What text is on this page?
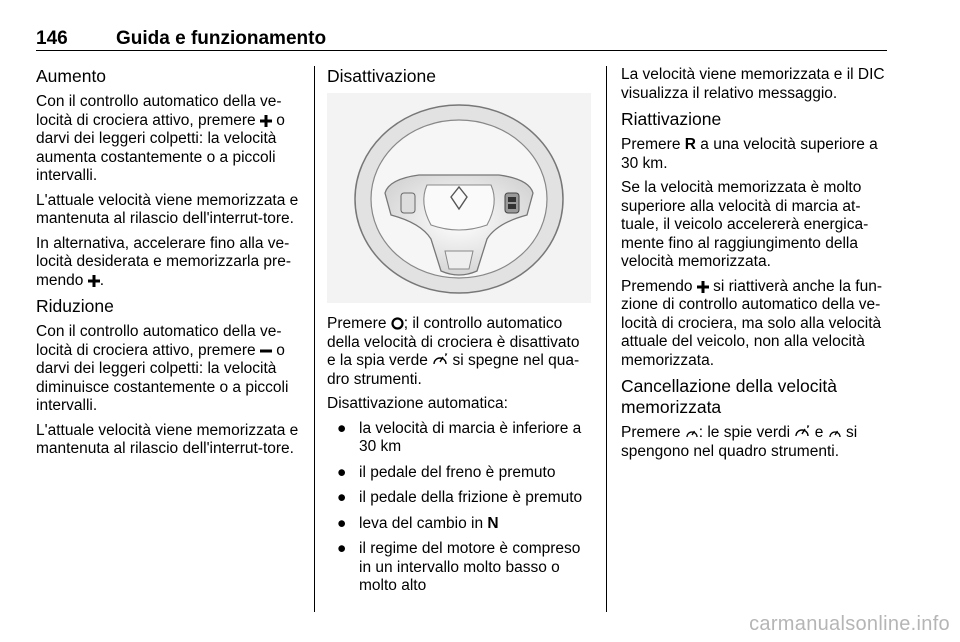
146	Guida e funzionamento
Aumento

Con il controllo automatico della ve-locità di crociera attivo, premere o darvi dei leggeri colpetti: la velocità aumenta costantemente o a piccoli intervalli.

L'attuale velocità viene memorizzata e mantenuta al rilascio dell'interrut-tore.

In alternativa, accelerare fino alla ve-locità desiderata e memorizzarla pre-mendo .

Riduzione

Con il controllo automatico della ve-locità di crociera attivo, premere o darvi dei leggeri colpetti: la velocità diminuisce costantemente o a piccoli intervalli.

L'attuale velocità viene memorizzata e mantenuta al rilascio dell'interrut-tore.

Disattivazione

Premere ; il controllo automatico della velocità di crociera è disattivato e la spia verde si spegne nel qua-dro strumenti.

Disattivazione automatica:

● la velocità di marcia è inferiore a 30 km
● il pedale del freno è premuto
● il pedale della frizione è premuto
● leva del cambio in N
● il regime del motore è compreso in un intervallo molto basso o molto alto

La velocità viene memorizzata e il DIC visualizza il relativo messaggio.

Riattivazione

Premere R a una velocità superiore a 30 km.

Se la velocità memorizzata è molto superiore alla velocità di marcia at-tuale, il veicolo accelererà energica-mente fino al raggiungimento della velocità memorizzata.

Premendo si riattiverà anche la fun-zione di controllo automatico della ve-locità di crociera, ma solo alla velocità attuale del veicolo, non alla velocità memorizzata.

Cancellazione della velocità
memorizzata

Premere : le spie verdi e si spengono nel quadro strumenti.

carmanualsonline.info
